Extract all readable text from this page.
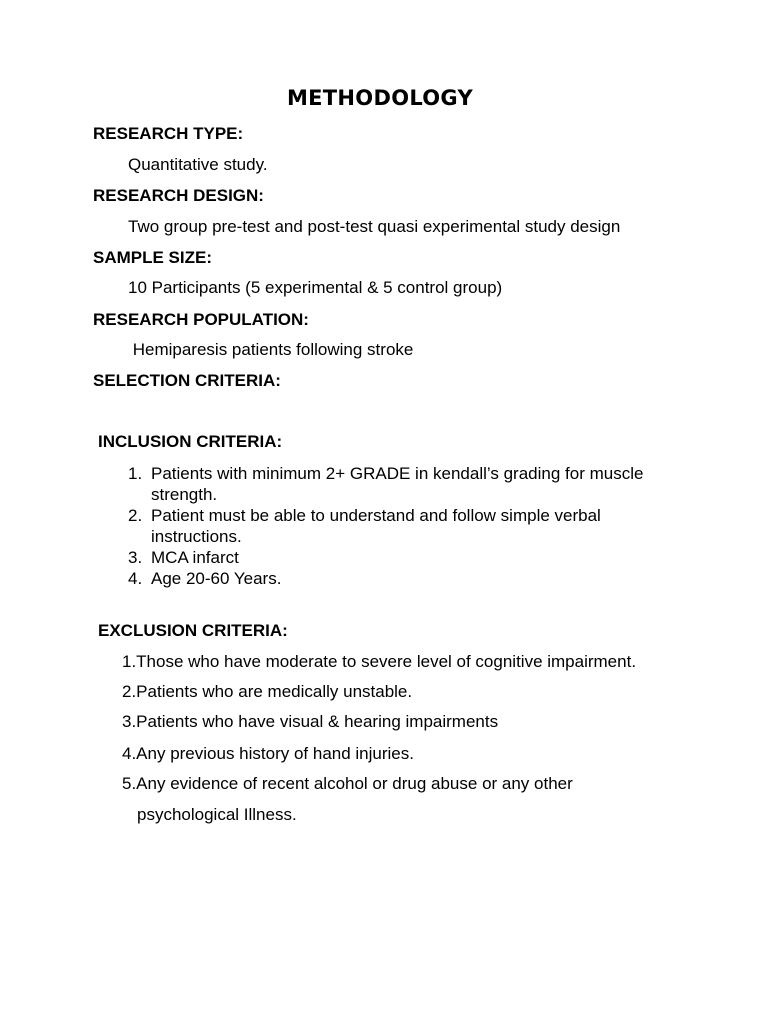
METHODOLOGY
RESEARCH TYPE:
Quantitative study.
RESEARCH DESIGN:
Two group pre-test and post-test quasi experimental study design
SAMPLE SIZE:
10 Participants (5 experimental & 5 control group)
RESEARCH POPULATION:
Hemiparesis patients following stroke
SELECTION CRITERIA:
INCLUSION CRITERIA:
1. Patients with minimum 2+ GRADE in kendall’s grading for muscle strength.
2. Patient must be able to understand and follow simple verbal instructions.
3. MCA infarct
4. Age 20-60 Years.
EXCLUSION CRITERIA:
1.Those who have moderate to severe level of cognitive impairment.
2.Patients who are medically unstable.
3.Patients who have visual & hearing impairments
4.Any previous history of hand injuries.
5.Any evidence of recent alcohol or drug abuse or any other
psychological Illness.
